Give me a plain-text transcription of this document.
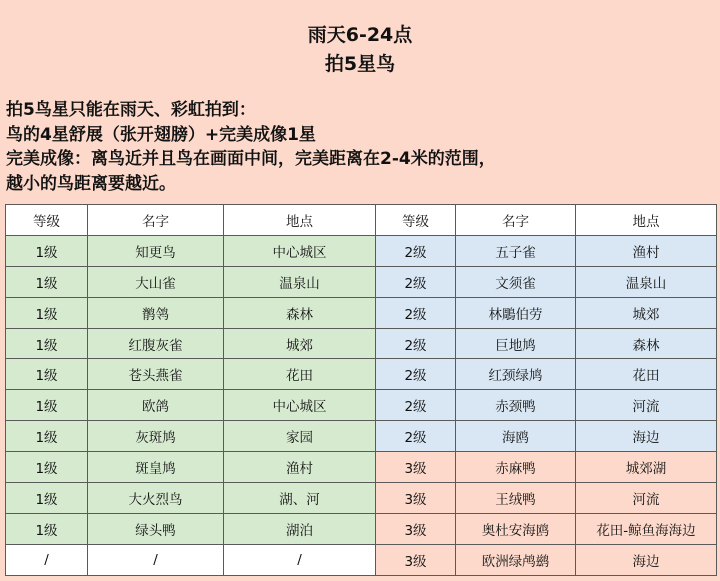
雨天6-24点
拍5星鸟
拍5鸟星只能在雨天、彩虹拍到：
鸟的4星舒展（张开翅膀）+完美成像1星
完美成像：离鸟近并且鸟在画面中间，完美距离在2-4米的范围，
越小的鸟距离要越近。
等级	名字	地点	等级	名字	地点
1级	知更鸟	中心城区	2级	五子雀	渔村
1级	大山雀	温泉山	2级	文须雀	温泉山
1级	鹡鸰	森林	2级	林鵰伯劳	城郊
1级	红腹灰雀	城郊	2级	巨地鸠	森林
1级	苍头燕雀	花田	2级	红颈绿鸠	花田
1级	欧鸽	中心城区	2级	赤颈鸭	河流
1级	灰斑鸠	家园	2级	海鸥	海边
1级	斑皇鸠	渔村	3级	赤麻鸭	城郊湖
1级	大火烈鸟	湖、河	3级	王绒鸭	河流
1级	绿头鸭	湖泊	3级	奥杜安海鸥	花田-鲸鱼海海边
/	/	/	3级	欧洲绿鸬鹚	海边
